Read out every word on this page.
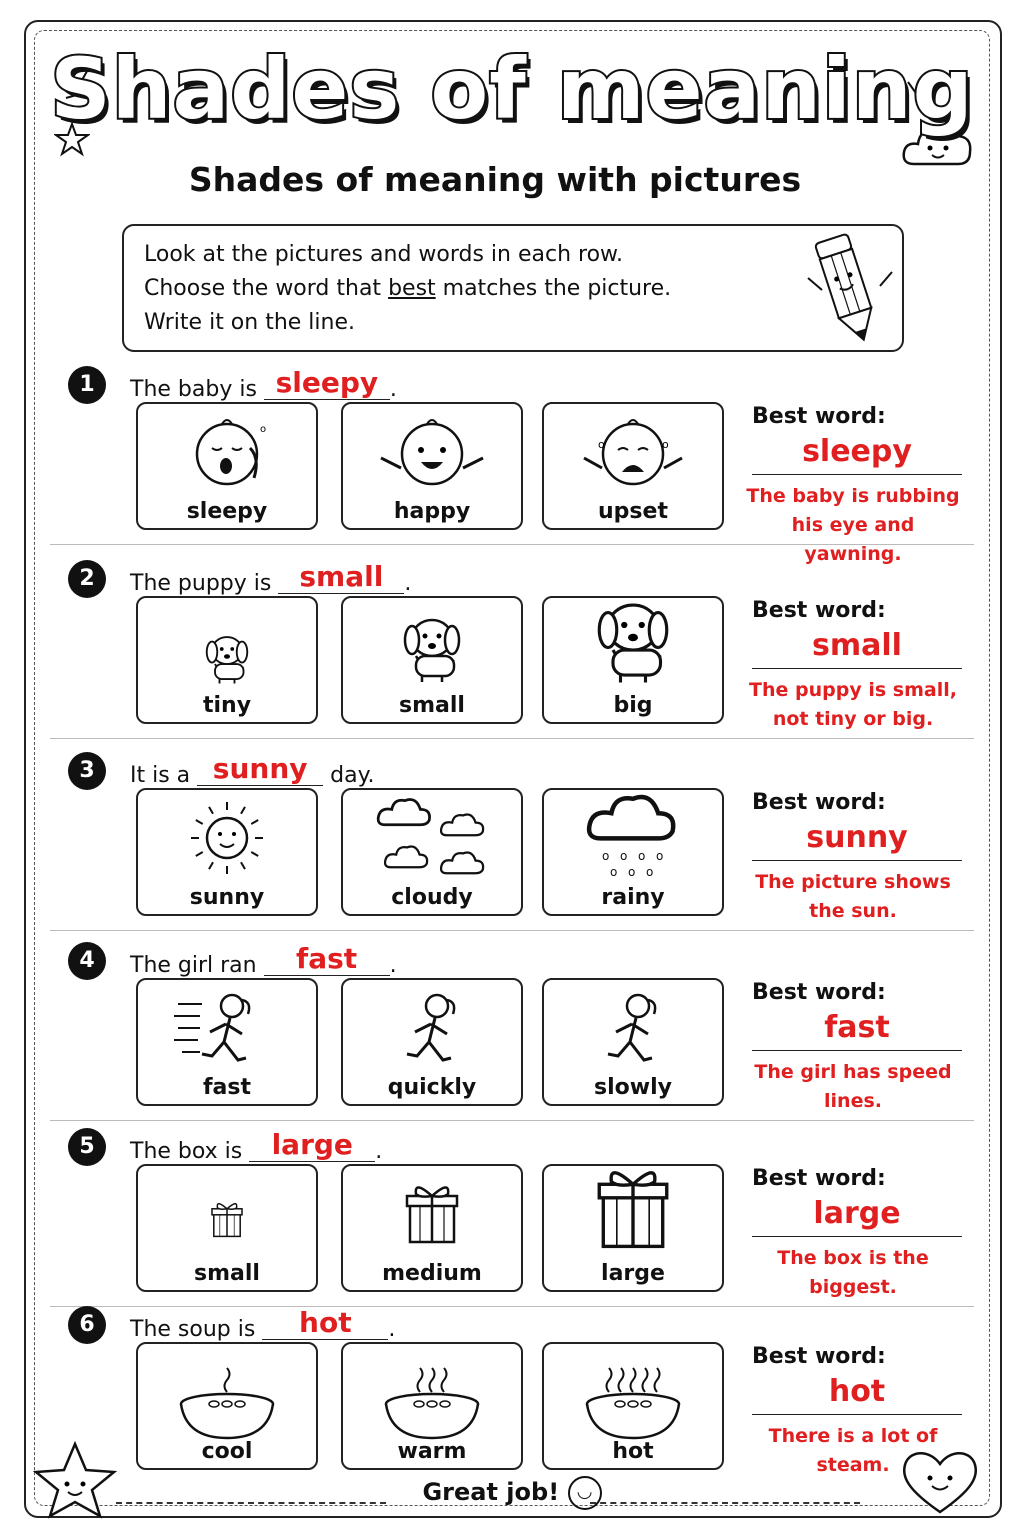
Shades of meaning
Shades of meaning with pictures
Look at the pictures and words in each row.
Choose the word that best matches the picture.
Write it on the line.
1	The baby is sleepy .
o
sleepy	happy
o	o
upset
Best word:
sleepy
The baby is rubbing his eye and yawning.
2	The puppy is small .
tiny	small	big
Best word:
small
The puppy is small, not tiny or big.
3	It is a sunny day.
sunny	cloudy
o o o o
o o o
rainy
Best word:
sunny
The picture shows the sun.
4	The girl ran fast .
fast	quickly	slowly
Best word:
fast
The girl has speed lines.
5	The box is large .
small	medium	large
Best word:
large
The box is the biggest.
6	The soup is hot .
cool	warm	hot
Best word:
hot
There is a lot of steam.
Great job! ◡
